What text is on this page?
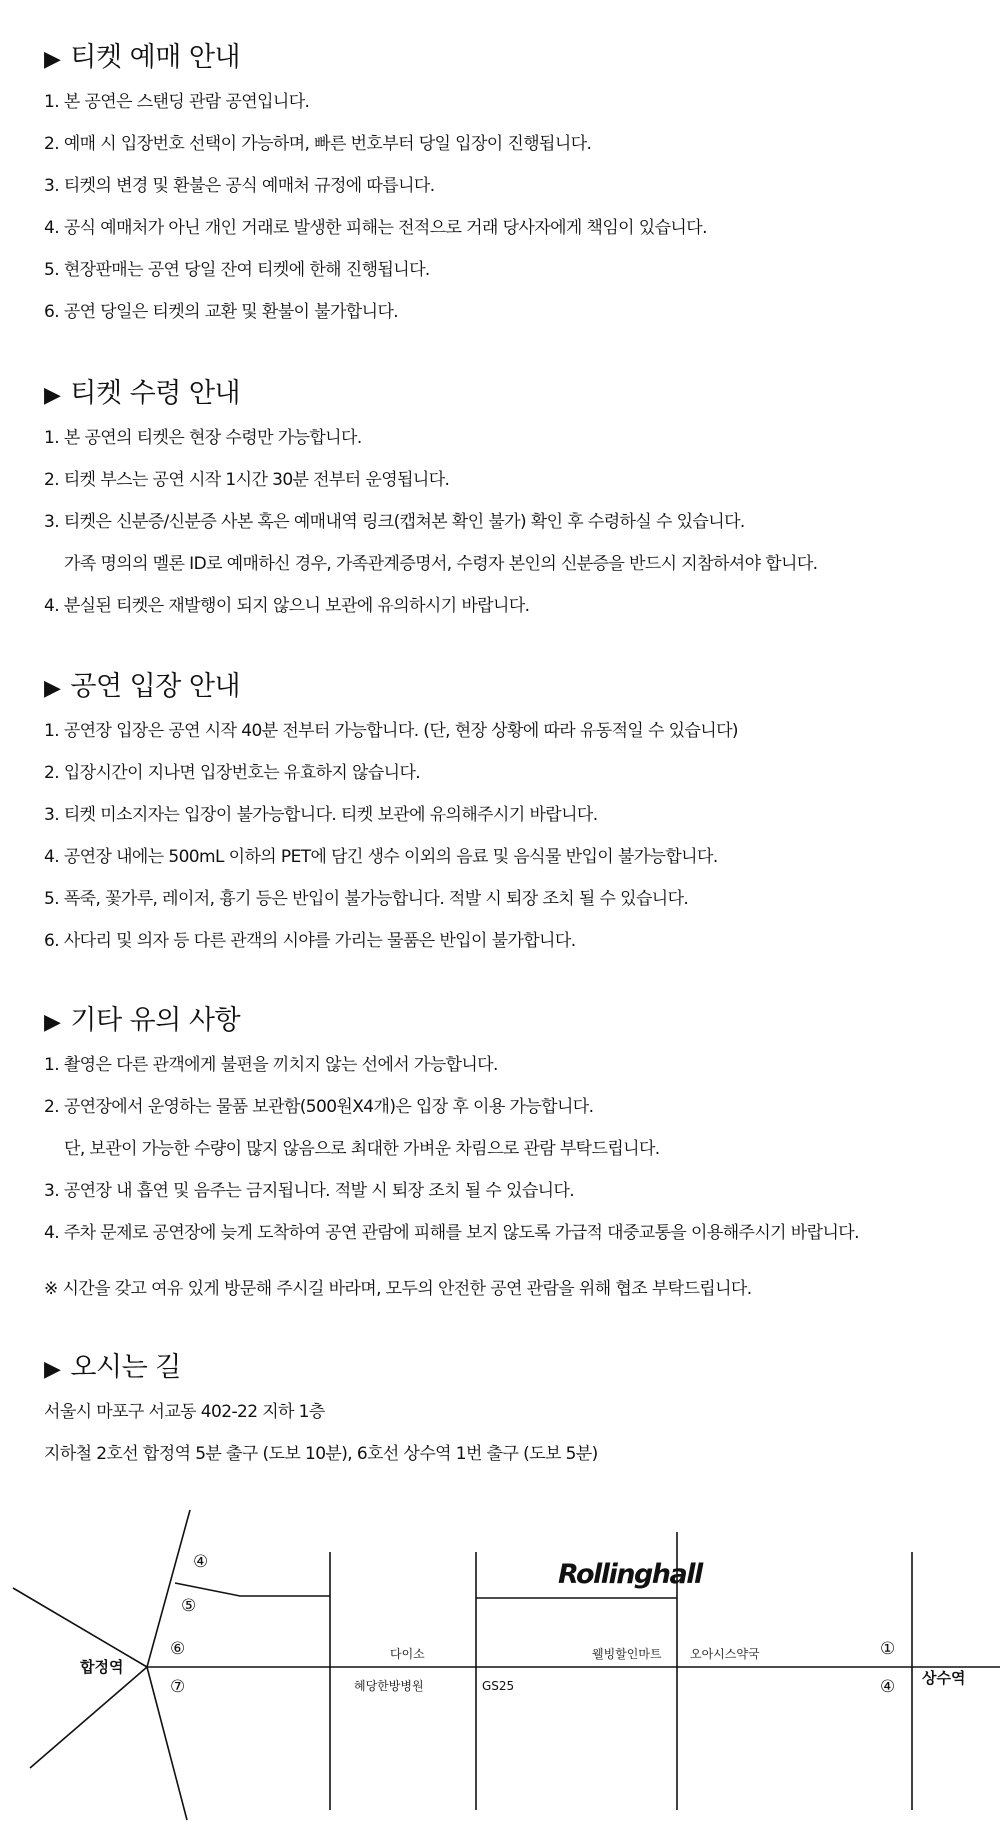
▶ 티켓 예매 안내
1. 본 공연은 스탠딩 관람 공연입니다.
2. 예매 시 입장번호 선택이 가능하며, 빠른 번호부터 당일 입장이 진행됩니다.
3. 티켓의 변경 및 환불은 공식 예매처 규정에 따릅니다.
4. 공식 예매처가 아닌 개인 거래로 발생한 피해는 전적으로 거래 당사자에게 책임이 있습니다.
5. 현장판매는 공연 당일 잔여 티켓에 한해 진행됩니다.
6. 공연 당일은 티켓의 교환 및 환불이 불가합니다.
▶ 티켓 수령 안내
1. 본 공연의 티켓은 현장 수령만 가능합니다.
2. 티켓 부스는 공연 시작 1시간 30분 전부터 운영됩니다.
3. 티켓은 신분증/신분증 사본 혹은 예매내역 링크(캡쳐본 확인 불가) 확인 후 수령하실 수 있습니다.
가족 명의의 멜론 ID로 예매하신 경우, 가족관계증명서, 수령자 본인의 신분증을 반드시 지참하셔야 합니다.
4. 분실된 티켓은 재발행이 되지 않으니 보관에 유의하시기 바랍니다.
▶ 공연 입장 안내
1. 공연장 입장은 공연 시작 40분 전부터 가능합니다. (단, 현장 상황에 따라 유동적일 수 있습니다)
2. 입장시간이 지나면 입장번호는 유효하지 않습니다.
3. 티켓 미소지자는 입장이 불가능합니다. 티켓 보관에 유의해주시기 바랍니다.
4. 공연장 내에는 500mL 이하의 PET에 담긴 생수 이외의 음료 및 음식물 반입이 불가능합니다.
5. 폭죽, 꽃가루, 레이저, 흉기 등은 반입이 불가능합니다. 적발 시 퇴장 조치 될 수 있습니다.
6. 사다리 및 의자 등 다른 관객의 시야를 가리는 물품은 반입이 불가합니다.
▶ 기타 유의 사항
1. 촬영은 다른 관객에게 불편을 끼치지 않는 선에서 가능합니다.
2. 공연장에서 운영하는 물품 보관함(500원X4개)은 입장 후 이용 가능합니다.
단, 보관이 가능한 수량이 많지 않음으로 최대한 가벼운 차림으로 관람 부탁드립니다.
3. 공연장 내 흡연 및 음주는 금지됩니다. 적발 시 퇴장 조치 될 수 있습니다.
4. 주차 문제로 공연장에 늦게 도착하여 공연 관람에 피해를 보지 않도록 가급적 대중교통을 이용해주시기 바랍니다.
※ 시간을 갖고 여유 있게 방문해 주시길 바라며, 모두의 안전한 공연 관람을 위해 협조 부탁드립니다.
▶ 오시는 길
서울시 마포구 서교동 402-22 지하 1층
지하철 2호선 합정역 5분 출구 (도보 10분), 6호선 상수역 1번 출구 (도보 5분)
Rollinghall
합정역
상수역
④
⑤
⑥
⑦
①
④
다이소	웰빙할인마트 오아시스약국
혜당한방병원	GS25
